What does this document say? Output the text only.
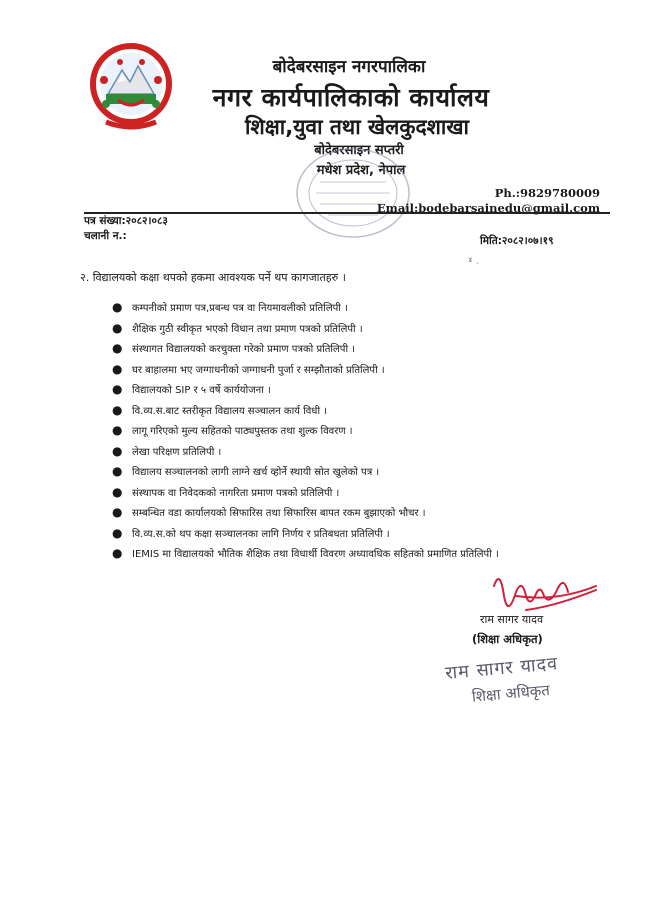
बोदेबरसाइन नगरपालिका
नगर कार्यपालिकाको कार्यालय
शिक्षा,युवा तथा खेलकुदशाखा
बोदेबरसाइन सप्तरी
मधेश प्रदेश, नेपाल
Ph.:9829780009
Email:bodebarsainedu@gmail.com
पत्र संख्या:२०८२।०८३
चलानी न.:	मिति:२०८२।०७।१९
ɤ ˏ
२. विद्यालयको कक्षा थपको हकमा आवश्यक पर्ने थप कागजातहरु ।
● कम्पनीको प्रमाण पत्र,प्रबन्ध पत्र वा नियमावलीको प्रतिलिपी ।
● शैक्षिक गुठी स्वीकृत भएको विधान तथा प्रमाण पत्रको प्रतिलिपी ।
● संस्थागत विद्यालयको करचुक्ता गरेको प्रमाण पत्रको प्रतिलिपी ।
● घर बाहालमा भए जग्गाधनीको जग्गाधनी पुर्जा र सम्झौताको प्रतिलिपी ।
● विद्यालयको SIP र ५ वर्षे कार्ययोजना ।
● वि.व्य.स.बाट स्तरीकृत विद्यालय सञ्चालन कार्य विधी ।
● लागू गरिएको मुल्य सहितको पाठ्यपुस्तक तथा शुल्क विवरण ।
● लेखा परिक्षण प्रतिलिपी ।
● विद्यालय सञ्चालनको लागी लाग्ने खर्च व्होर्ने स्थायी स्रोत खुलेको पत्र ।
● संस्थापक वा निवेदकको नागरिता प्रमाण पत्रको प्रतिलिपी ।
● सम्बन्धित वडा कार्यालयको सिफारिस तथा सिफारिस बापत रकम बुझाएको भौचर ।
● वि.व्य.स.को थप कक्षा सञ्चालनका लागि निर्णय र प्रतिबधता प्रतिलिपी ।
● IEMIS मा विद्यालयको भौतिक शैक्षिक तथा विधार्थी विवरण अध्यावधिक सहितको प्रमाणित प्रतिलिपी ।
राम सागर यादव
(शिक्षा अधिकृत)
राम सागर यादव
शिक्षा अधिकृत
